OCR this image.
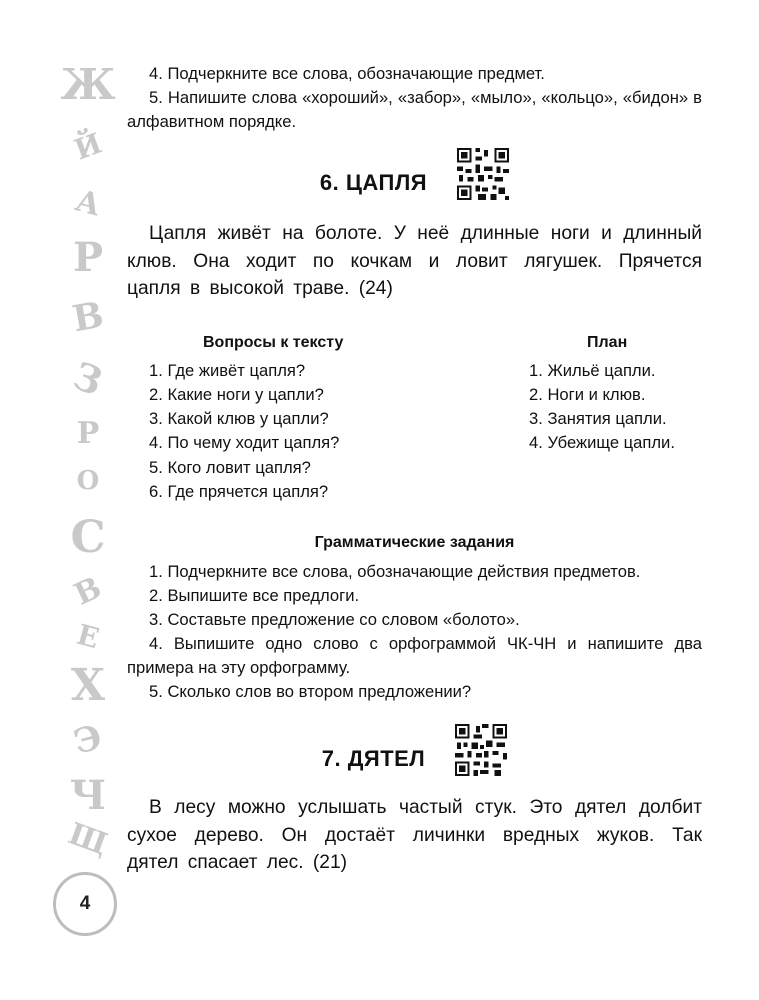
Ж
Й
А
Р
В
З
Р
О
С
В
Е
Х
Э
Ч
Щ
4

4. Подчеркните все слова, обозначающие предмет.

5. Напишите слова «хороший», «забор», «мыло», «кольцо», «бидон» в алфавитном порядке.

6. ЦАПЛЯ

Цапля живёт на болоте. У неё длинные ноги и длинный клюв. Она ходит по кочкам и ловит лягушек. Прячется цапля в высокой траве. (24)

Вопросы к тексту
1. Где живёт цапля?
2. Какие ноги у цапли?
3. Какой клюв у цапли?
4. По чему ходит цапля?
5. Кого ловит цапля?
6. Где прячется цапля?
План
1. Жильё цапли.
2. Ноги и клюв.
3. Занятия цапли.
4. Убежище цапли.
Грамматические задания

1. Подчеркните все слова, обозначающие действия предметов.

2. Выпишите все предлоги.

3. Составьте предложение со словом «болото».

4. Выпишите одно слово с орфограммой ЧК-ЧН и напишите два примера на эту орфограмму.

5. Сколько слов во втором предложении?

7. ДЯТЕЛ

В лесу можно услышать частый стук. Это дятел долбит сухое дерево. Он достаёт личинки вредных жуков. Так дятел спасает лес. (21)
